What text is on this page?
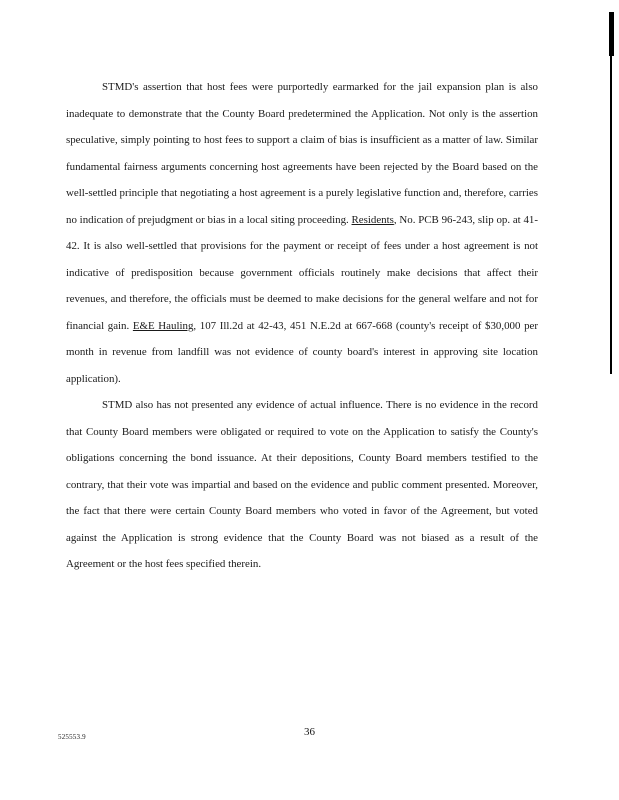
STMD's assertion that host fees were purportedly earmarked for the jail expansion plan is also inadequate to demonstrate that the County Board predetermined the Application. Not only is the assertion speculative, simply pointing to host fees to support a claim of bias is insufficient as a matter of law. Similar fundamental fairness arguments concerning host agreements have been rejected by the Board based on the well-settled principle that negotiating a host agreement is a purely legislative function and, therefore, carries no indication of prejudgment or bias in a local siting proceeding. Residents, No. PCB 96-243, slip op. at 41-42. It is also well-settled that provisions for the payment or receipt of fees under a host agreement is not indicative of predisposition because government officials routinely make decisions that affect their revenues, and therefore, the officials must be deemed to make decisions for the general welfare and not for financial gain. E&E Hauling, 107 Ill.2d at 42-43, 451 N.E.2d at 667-668 (county's receipt of $30,000 per month in revenue from landfill was not evidence of county board's interest in approving site location application).

STMD also has not presented any evidence of actual influence. There is no evidence in the record that County Board members were obligated or required to vote on the Application to satisfy the County's obligations concerning the bond issuance. At their depositions, County Board members testified to the contrary, that their vote was impartial and based on the evidence and public comment presented. Moreover, the fact that there were certain County Board members who voted in favor of the Agreement, but voted against the Application is strong evidence that the County Board was not biased as a result of the Agreement or the host fees specified therein.

525553.9	36
